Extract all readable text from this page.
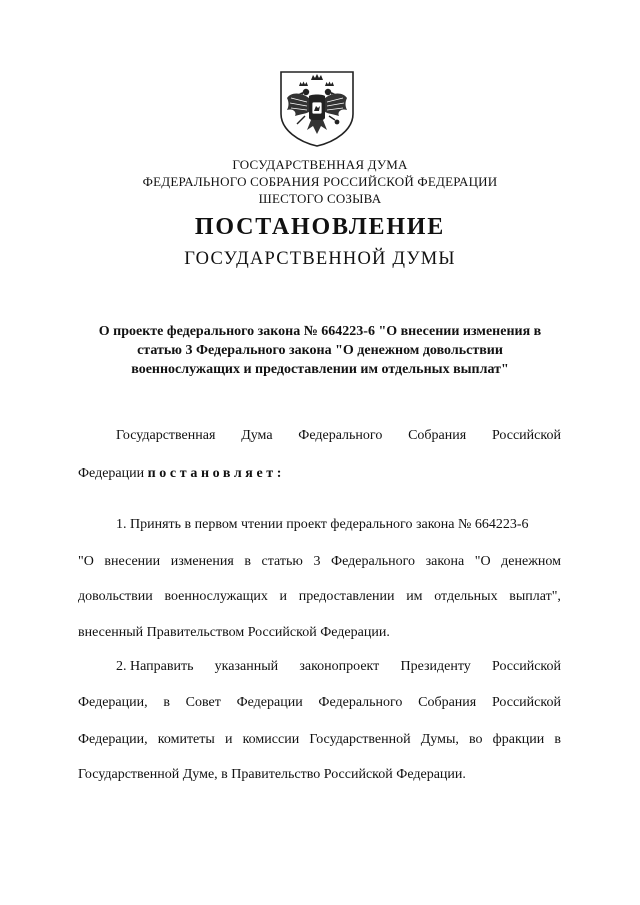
ГОСУДАРСТВЕННАЯ ДУМА
ФЕДЕРАЛЬНОГО СОБРАНИЯ РОССИЙСКОЙ ФЕДЕРАЦИИ
ШЕСТОГО СОЗЫВА
ПОСТАНОВЛЕНИЕ
ГОСУДАРСТВЕННОЙ ДУМЫ
О проекте федерального закона № 664223-6 "О внесении изменения в
статью 3 Федерального закона "О денежном довольствии
военнослужащих и предоставлении им отдельных выплат"
Государственная Дума Федерального Собрания Российской
Федерации постановляет:
1. Принять в первом чтении проект федерального закона № 664223-6
"О внесении изменения в статью 3 Федерального закона "О денежном
довольствии военнослужащих и предоставлении им отдельных выплат",
внесенный Правительством Российской Федерации.
2. Направить указанный законопроект Президенту Российской
Федерации, в Совет Федерации Федерального Собрания Российской
Федерации, комитеты и комиссии Государственной Думы, во фракции в
Государственной Думе, в Правительство Российской Федерации.
